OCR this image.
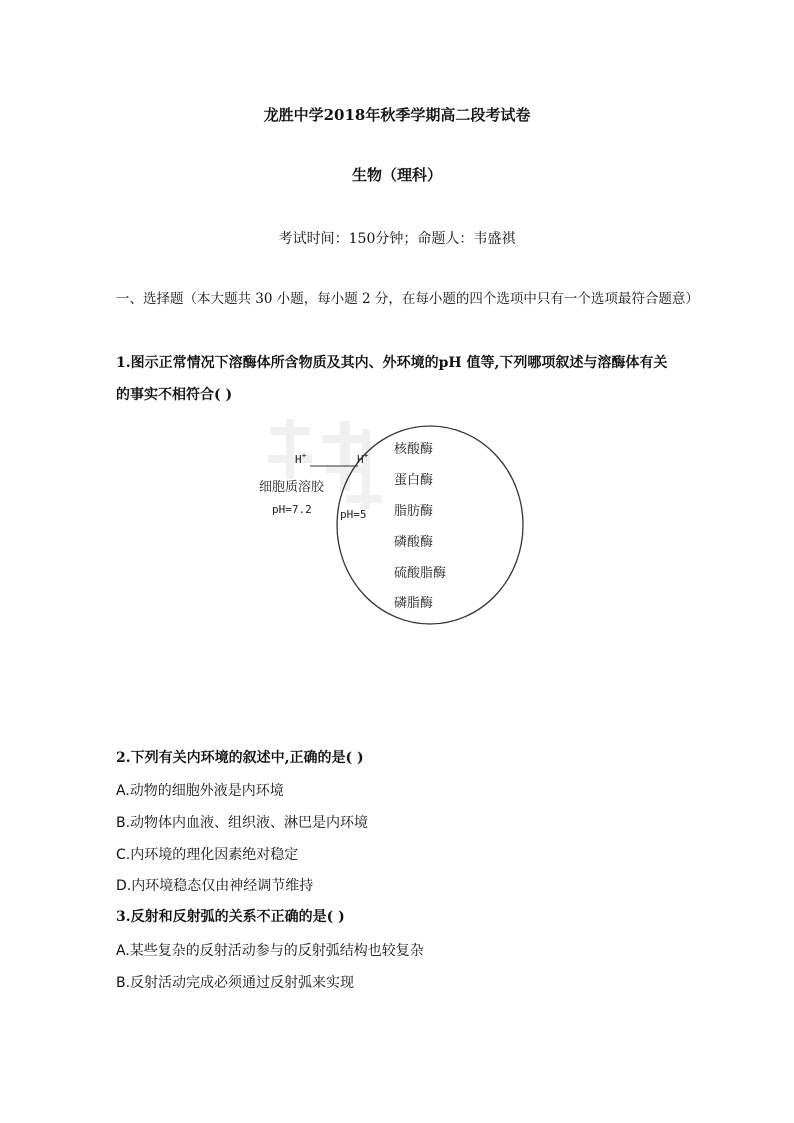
龙胜中学2018年秋季学期高二段考试卷
生物（理科）
考试时间：150分钟；命题人：韦盛祺
一、选择题（本大题共 30 小题，每小题 2 分，在每小题的四个选项中只有一个选项最符合题意）
1.图示正常情况下溶酶体所含物质及其内、外环境的pH 值等,下列哪项叙述与溶酶体有关的事实不相符合( )
H+	H+
细胞质溶胶
pH=7.2	pH=5
核酸酶
蛋白酶
脂肪酶
磷酸酶
硫酸脂酶
磷脂酶
2.下列有关内环境的叙述中,正确的是( )
A.动物的细胞外液是内环境
B.动物体内血液、组织液、淋巴是内环境
C.内环境的理化因素绝对稳定
D.内环境稳态仅由神经调节维持
3.反射和反射弧的关系不正确的是( )
A.某些复杂的反射活动参与的反射弧结构也较复杂
B.反射活动完成必须通过反射弧来实现
